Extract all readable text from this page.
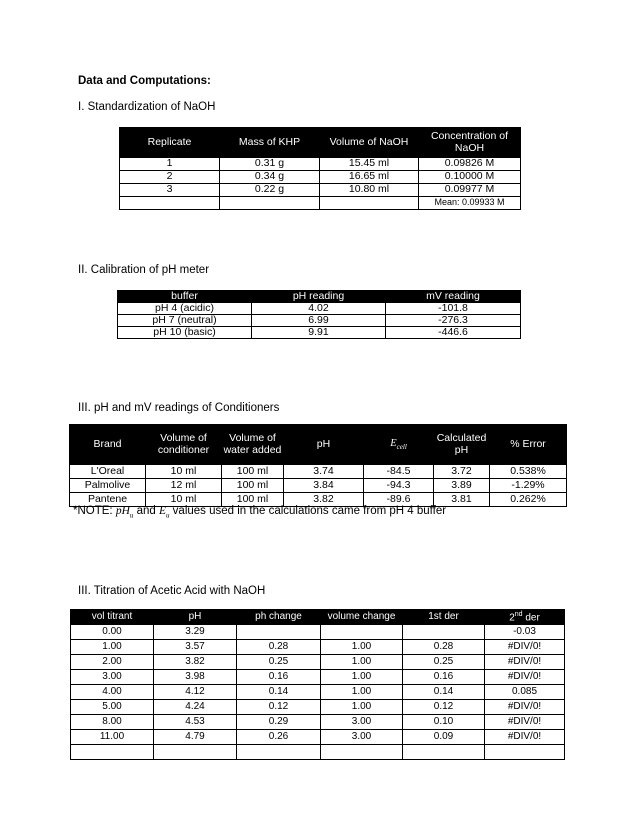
Data and Computations:
I. Standardization of NaOH
Replicate	Mass of KHP	Volume of NaOH	Concentration of NaOH
1	0.31 g	15.45 ml	0.09826 M
2	0.34 g	16.65 ml	0.10000 M
3	0.22 g	10.80 ml	0.09977 M
			Mean: 0.09933 M
II. Calibration of pH meter
buffer	pH reading	mV reading
pH 4 (acidic)	4.02	-101.8
pH 7 (neutral)	6.99	-276.3
pH 10 (basic)	9.91	-446.6
III. pH and mV readings of Conditioners
Brand	Volume of conditioner	Volume of water added	pH	$E_{cell}$	Calculated pH	% Error
L'Oreal	10 ml	100 ml	3.74	-84.5	3.72	0.538%
Palmolive	12 ml	100 ml	3.84	-94.3	3.89	-1.29%
Pantene	10 ml	100 ml	3.82	-89.6	3.81	0.262%
*NOTE: $pH_u$ and $E_u$ values used in the calculations came from pH 4 buffer
III. Titration of Acetic Acid with NaOH
vol titrant	pH	ph change	volume change	1st der	2nd der
0.00	3.29				-0.03
1.00	3.57	0.28	1.00	0.28	#DIV/0!
2.00	3.82	0.25	1.00	0.25	#DIV/0!
3.00	3.98	0.16	1.00	0.16	#DIV/0!
4.00	4.12	0.14	1.00	0.14	0.085
5.00	4.24	0.12	1.00	0.12	#DIV/0!
8.00	4.53	0.29	3.00	0.10	#DIV/0!
11.00	4.79	0.26	3.00	0.09	#DIV/0!
